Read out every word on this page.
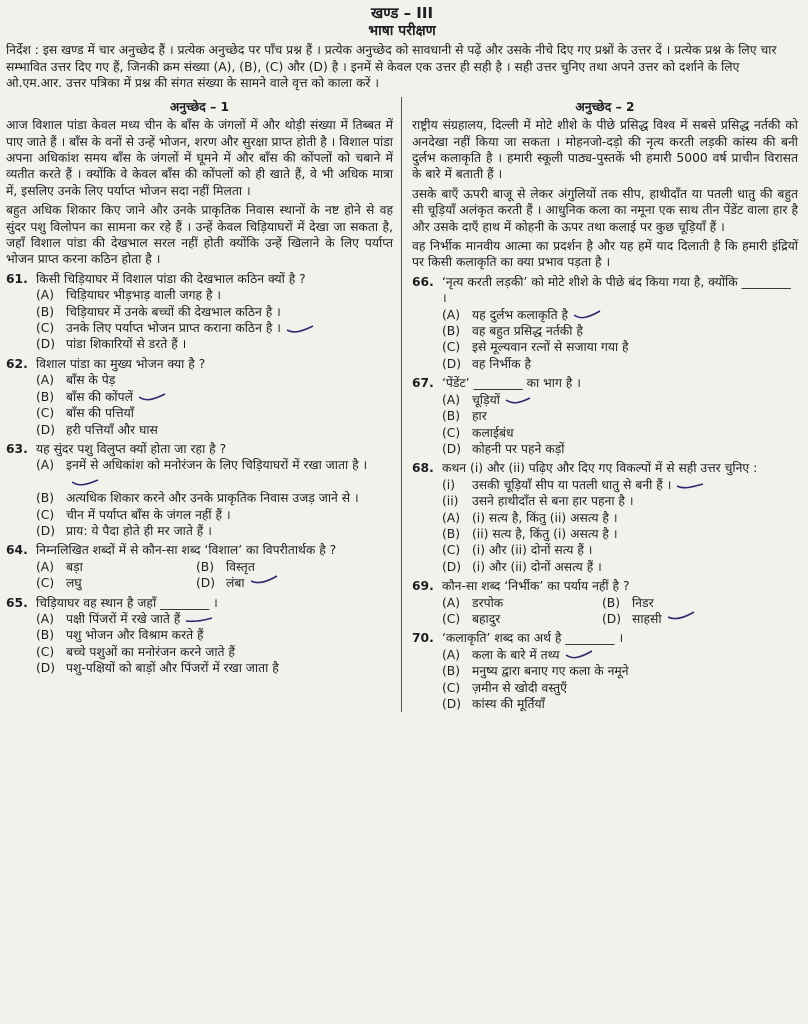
खण्ड – III
भाषा परीक्षण

निर्देश : इस खण्ड में चार अनुच्छेद हैं । प्रत्येक अनुच्छेद पर पाँच प्रश्न हैं । प्रत्येक अनुच्छेद को सावधानी से पढ़ें और उसके नीचे दिए गए प्रश्नों के उत्तर दें । प्रत्येक प्रश्न के लिए चार सम्भावित उत्तर दिए गए हैं, जिनकी क्रम संख्या (A), (B), (C) और (D) है । इनमें से केवल एक उत्तर ही सही है । सही उत्तर चुनिए तथा अपने उत्तर को दर्शाने के लिए ओ.एम.आर. उत्तर पत्रिका में प्रश्न की संगत संख्या के सामने वाले वृत्त को काला करें ।

अनुच्छेद – 1

आज विशाल पांडा केवल मध्य चीन के बाँस के जंगलों में और थोड़ी संख्या में तिब्बत में पाए जाते हैं । बाँस के वनों से उन्हें भोजन, शरण और सुरक्षा प्राप्त होती है । विशाल पांडा अपना अधिकांश समय बाँस के जंगलों में घूमने में और बाँस की कोंपलों को चबाने में व्यतीत करते हैं । क्योंकि वे केवल बाँस की कोंपलों को ही खाते हैं, वे भी अधिक मात्रा में, इसलिए उनके लिए पर्याप्त भोजन सदा नहीं मिलता ।

बहुत अधिक शिकार किए जाने और उनके प्राकृतिक निवास स्थानों के नष्ट होने से वह सुंदर पशु विलोपन का सामना कर रहे हैं । उन्हें केवल चिड़ियाघरों में देखा जा सकता है, जहाँ विशाल पांडा की देखभाल सरल नहीं होती क्योंकि उन्हें खिलाने के लिए पर्याप्त भोजन प्राप्त करना कठिन होता है ।

61. किसी चिड़ियाघर में विशाल पांडा की देखभाल कठिन क्यों है ?
(A) चिड़ियाघर भीड़भाड़ वाली जगह है ।
(B) चिड़ियाघर में उनके बच्चों की देखभाल कठिन है ।
(C) उनके लिए पर्याप्त भोजन प्राप्त कराना कठिन है ।
(D) पांडा शिकारियों से डरते हैं ।
62. विशाल पांडा का मुख्य भोजन क्या है ?
(A) बाँस के पेड़
(B) बाँस की कोंपलें
(C) बाँस की पत्तियाँ
(D) हरी पत्तियाँ और घास
63. यह सुंदर पशु विलुप्त क्यों होता जा रहा है ?
(A) इनमें से अधिकांश को मनोरंजन के लिए चिड़ियाघरों में रखा जाता है ।
(B) अत्यधिक शिकार करने और उनके प्राकृतिक निवास उजड़ जाने से ।
(C) चीन में पर्याप्त बाँस के जंगल नहीं हैं ।
(D) प्राय: ये पैदा होते ही मर जाते हैं ।
64. निम्नलिखित शब्दों में से कौन-सा शब्द ‘विशाल’ का विपरीतार्थक है ?
(A) बड़ा	(B) विस्तृत
(C) लघु	(D) लंबा
65. चिड़ियाघर वह स्थान है जहाँ ________ ।
(A) पक्षी पिंजरों में रखे जाते हैं
(B) पशु भोजन और विश्राम करते हैं
(C) बच्चे पशुओं का मनोरंजन करने जाते हैं
(D) पशु-पक्षियों को बाड़ों और पिंजरों में रखा जाता है
अनुच्छेद – 2

राष्ट्रीय संग्रहालय, दिल्ली में मोटे शीशे के पीछे प्रसिद्ध विश्व में सबसे प्रसिद्ध नर्तकी को अनदेखा नहीं किया जा सकता । मोहनजो-दड़ो की नृत्य करती लड़की कांस्य की बनी दुर्लभ कलाकृति है । हमारी स्कूली पाठ्य-पुस्तकें भी हमारी 5000 वर्ष प्राचीन विरासत के बारे में बताती हैं ।

उसके बाएँ ऊपरी बाजू से लेकर अंगुलियों तक सीप, हाथीदाँत या पतली धातु की बहुत सी चूड़ियाँ अलंकृत करती हैं । आधुनिक कला का नमूना एक साथ तीन पेंडेंट वाला हार है और उसके दाएँ हाथ में कोहनी के ऊपर तथा कलाई पर कुछ चूड़ियाँ हैं ।

वह निर्भीक मानवीय आत्मा का प्रदर्शन है और यह हमें याद दिलाती है कि हमारी इंद्रियों पर किसी कलाकृति का क्या प्रभाव पड़ता है ।

66. ‘नृत्य करती लड़की’ को मोटे शीशे के पीछे बंद किया गया है, क्योंकि ________ ।
(A) यह दुर्लभ कलाकृति है
(B) वह बहुत प्रसिद्ध नर्तकी है
(C) इसे मूल्यवान रत्नों से सजाया गया है
(D) वह निर्भीक है
67. ‘पेंडेंट’ ________ का भाग है ।
(A) चूड़ियों
(B) हार
(C) कलाईबंध
(D) कोहनी पर पहने कड़ों
68. कथन (i) और (ii) पढ़िए और दिए गए विकल्पों में से सही उत्तर चुनिए :
(i)	उसकी चूड़ियाँ सीप या पतली धातु से बनी हैं ।
(ii)	उसने हाथीदाँत से बना हार पहना है ।
(A) (i) सत्य है, किंतु (ii) असत्य है ।
(B) (ii) सत्य है, किंतु (i) असत्य है ।
(C) (i) और (ii) दोनों सत्य हैं ।
(D) (i) और (ii) दोनों असत्य हैं ।
69. कौन-सा शब्द ‘निर्भीक’ का पर्याय नहीं है ?
(A) डरपोक	(B) निडर
(C) बहादुर	(D) साहसी
70. ‘कलाकृति’ शब्द का अर्थ है ________ ।
(A) कला के बारे में तथ्य
(B) मनुष्य द्वारा बनाए गए कला के नमूने
(C) ज़मीन से खोदी वस्तुएँ
(D) कांस्य की मूर्तियाँ
